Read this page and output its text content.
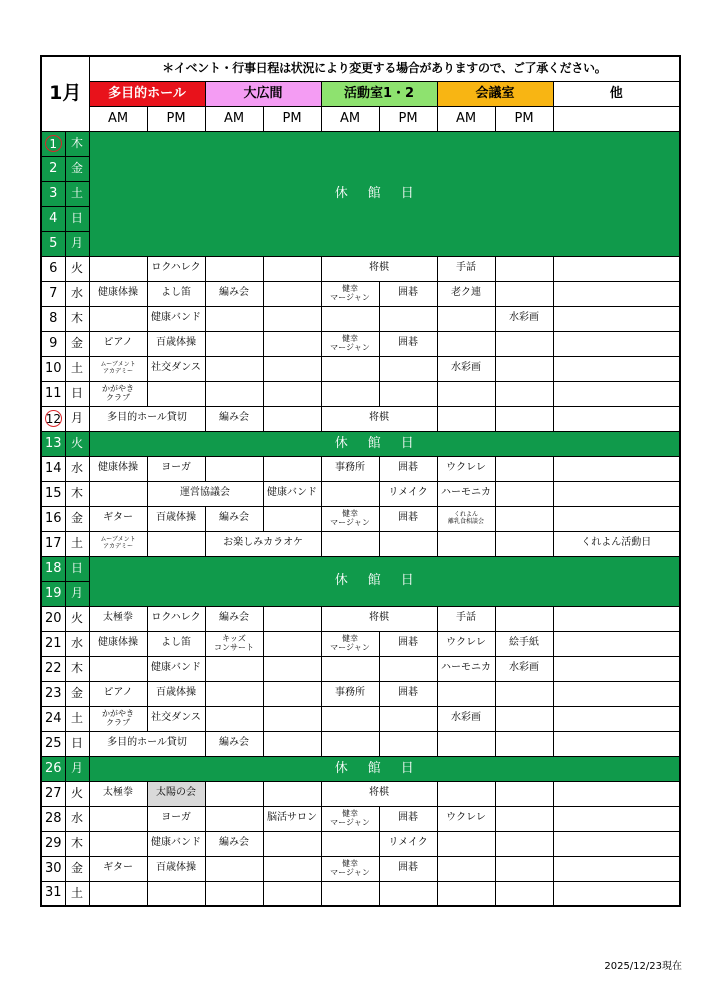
1月		＊イベント・行事日程は状況により変更する場合がありますので、ご了承ください。								
		多目的ホール		大広間		活動室1・2		会議室		他
		AM	PM	AM	PM	AM	PM	AM	PM	
1	木	休館日								
2	金									
3	土									
4	日									
5	月									
6	火		ロクハレク			将棋		手話		
7	水	健康体操	よし笛	編み会		健幸
マージャン	囲碁	老ク連		
8	木		健康バンド						水彩画	
9	金	ピアノ	百歳体操			健幸
マージャン	囲碁			
10	土	ムーブメント
アカデミー	社交ダンス					水彩画		
11	日	かがやき
クラブ								
12	月	多目的ホール貸切		編み会		将棋				
13	火	休館日								
14	水	健康体操	ヨーガ			事務所	囲碁	ウクレレ		
15	木		運営協議会		健康バンド		リメイク	ハーモニカ		
16	金	ギター	百歳体操	編み会		健幸
マージャン	囲碁	くれよん
離乳食相談会		
17	土	ムーブメント
アカデミー		お楽しみカラオケ						くれよん活動日
18	日	休館日								
19	月									
20	火	太極拳	ロクハレク	編み会		将棋		手話		
21	水	健康体操	よし笛	キッズ
コンサート		健幸
マージャン	囲碁	ウクレレ	絵手紙	
22	木		健康バンド					ハーモニカ	水彩画	
23	金	ピアノ	百歳体操			事務所	囲碁			
24	土	かがやき
クラブ	社交ダンス					水彩画		
25	日	多目的ホール貸切		編み会						
26	月	休館日								
27	火	太極拳	太陽の会			将棋				
28	水		ヨーガ		脳活サロン	健幸
マージャン	囲碁	ウクレレ		
29	木		健康バンド	編み会			リメイク			
30	金	ギター	百歳体操			健幸
マージャン	囲碁			
31	土									
2025/12/23現在
